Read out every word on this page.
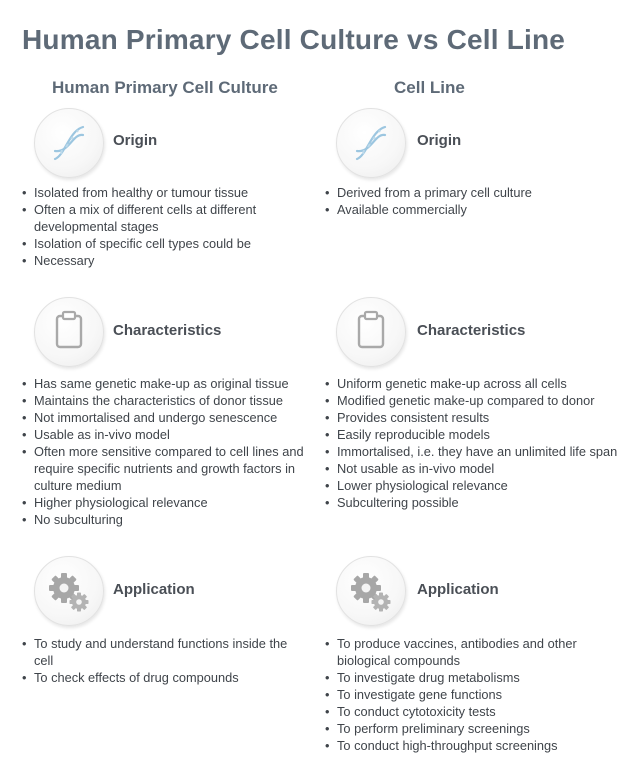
Human Primary Cell Culture vs Cell Line
Human Primary Cell Culture	Cell Line
Origin
• Isolated from healthy or tumour tissue
• Often a mix of different cells at different developmental stages
• Isolation of specific cell types could be
• Necessary
Origin
• Derived from a primary cell culture
• Available commercially
Characteristics
• Has same genetic make-up as original tissue
• Maintains the characteristics of donor tissue
• Not immortalised and undergo senescence
• Usable as in-vivo model
• Often more sensitive compared to cell lines and require specific nutrients and growth factors in culture medium
• Higher physiological relevance
• No subculturing
Characteristics
• Uniform genetic make-up across all cells
• Modified genetic make-up compared to donor
• Provides consistent results
• Easily reproducible models
• Immortalised, i.e. they have an unlimited life span
• Not usable as in-vivo model
• Lower physiological relevance
• Subcultering possible
Application
• To study and understand functions inside the cell
• To check effects of drug compounds
Application
• To produce vaccines, antibodies and other biological compounds
• To investigate drug metabolisms
• To investigate gene functions
• To conduct cytotoxicity tests
• To perform preliminary screenings
• To conduct high-throughput screenings
